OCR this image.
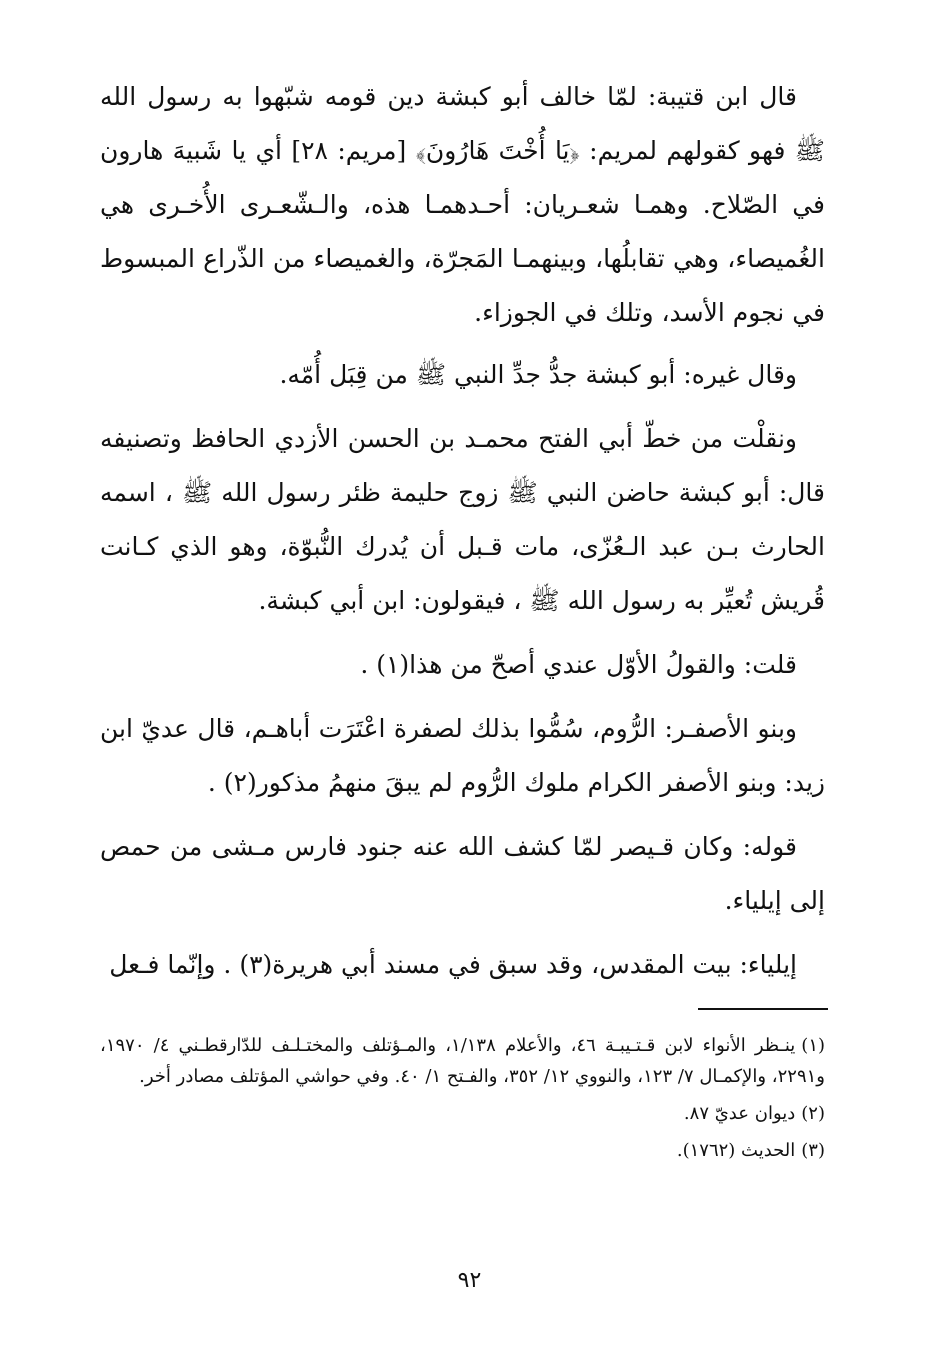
قال ابن قتيبة: لمّا خالف أبو كبشة دين قومه شبّهوا به رسول الله ﷺ فهو كقولهم لمريم: ﴿يَا أُخْتَ هَارُونَ﴾ [مريم: ٢٨] أي يا شَبيهَ هارون في الصّلاح. وهمـا شعـريان: أحـدهمـا هذه، والـشّعـرى الأُخـرى هي الغُميصاء، وهي تقابلُها، وبينهمـا المَجرّة، والغميصاء من الذّراع المبسوط في نجوم الأسد، وتلك في الجوزاء.

وقال غيره: أبو كبشة جدُّ جدِّ النبي ﷺ من قِبَل أُمّه.

ونقلْت من خطّ أبي الفتح محمـد بن الحسن الأزدي الحافظ وتصنيفه قال: أبو كبشة حاضن النبي ﷺ زوج حليمة ظئر رسول الله ﷺ ، اسمه الحارث بـن عبد الـعُزّى، مات قـبل أن يُدرك النُّبوّة، وهو الذي كـانت قُريش تُعيِّر به رسول الله ﷺ ، فيقولون: ابن أبي كبشة.

قلت: والقولُ الأوّل عندي أصحّ من هذا(١) .

وبنو الأصفـر: الرُّوم، سُمُّوا بذلك لصفرة اعْتَرَت أباهـم، قال عديّ ابن زيد: وبنو الأصفر الكرام ملوك الرُّوم لم يبقَ منهمُ مذكور(٢) .

قوله: وكان قـيصر لمّا كشف الله عنه جنود فارس مـشى من حمص إلى إيلياء.

إيلياء: بيت المقدس، وقد سبق في مسند أبي هريرة(٣) . وإنّما فـعل

(١)ينـظر الأنواء لابن قـتـيبـة ٤٦، والأعلام ١/١٣٨، والمـؤتلف والمختـلـف للدّارقطـني ٤/ ١٩٧٠، و٢٢٩١، والإكمـال ٧/ ١٢٣، والنووي ١٢/ ٣٥٢، والفـتح ١/ ٤٠. وفي حواشي المؤتلف مصادر أخر.

(٢)ديوان عديّ ٨٧.

(٣)الحديث (١٧٦٢).

٩٢
